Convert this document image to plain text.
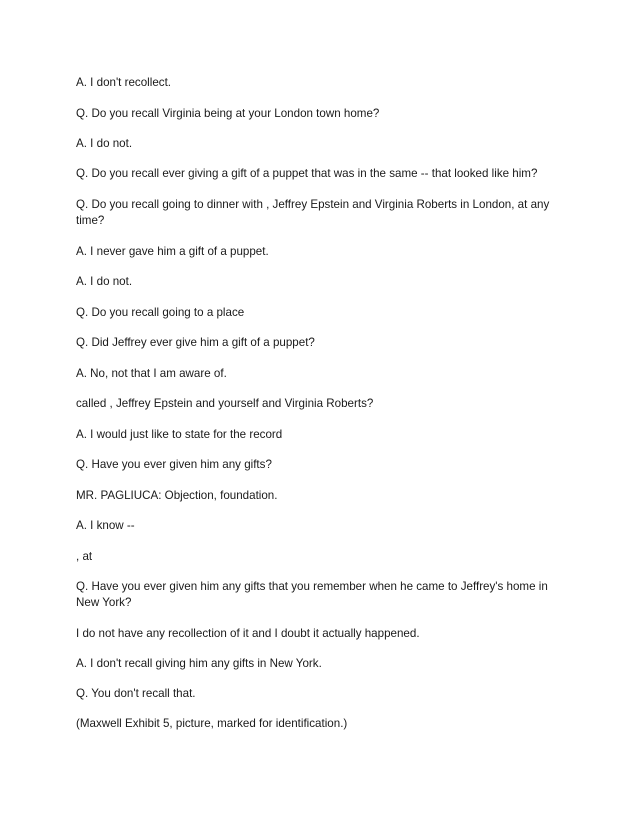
A. I don't recollect.

Q. Do you recall Virginia being at your London town home?

A. I do not.

Q. Do you recall ever giving a gift of a puppet that was in the same -- that looked like him?

Q. Do you recall going to dinner with , Jeffrey Epstein and Virginia Roberts in London, at any time?

A. I never gave him a gift of a puppet.

A. I do not.

Q. Do you recall going to a place

Q. Did Jeffrey ever give him a gift of a puppet?

A. No, not that I am aware of.

called , Jeffrey Epstein and yourself and Virginia Roberts?

A. I would just like to state for the record

Q. Have you ever given him any gifts?

MR. PAGLIUCA: Objection, foundation.

A. I know --

, at

Q. Have you ever given him any gifts that you remember when he came to Jeffrey's home in New York?

I do not have any recollection of it and I doubt it actually happened.

A. I don't recall giving him any gifts in New York.

Q. You don't recall that.

(Maxwell Exhibit 5, picture, marked for identification.)
